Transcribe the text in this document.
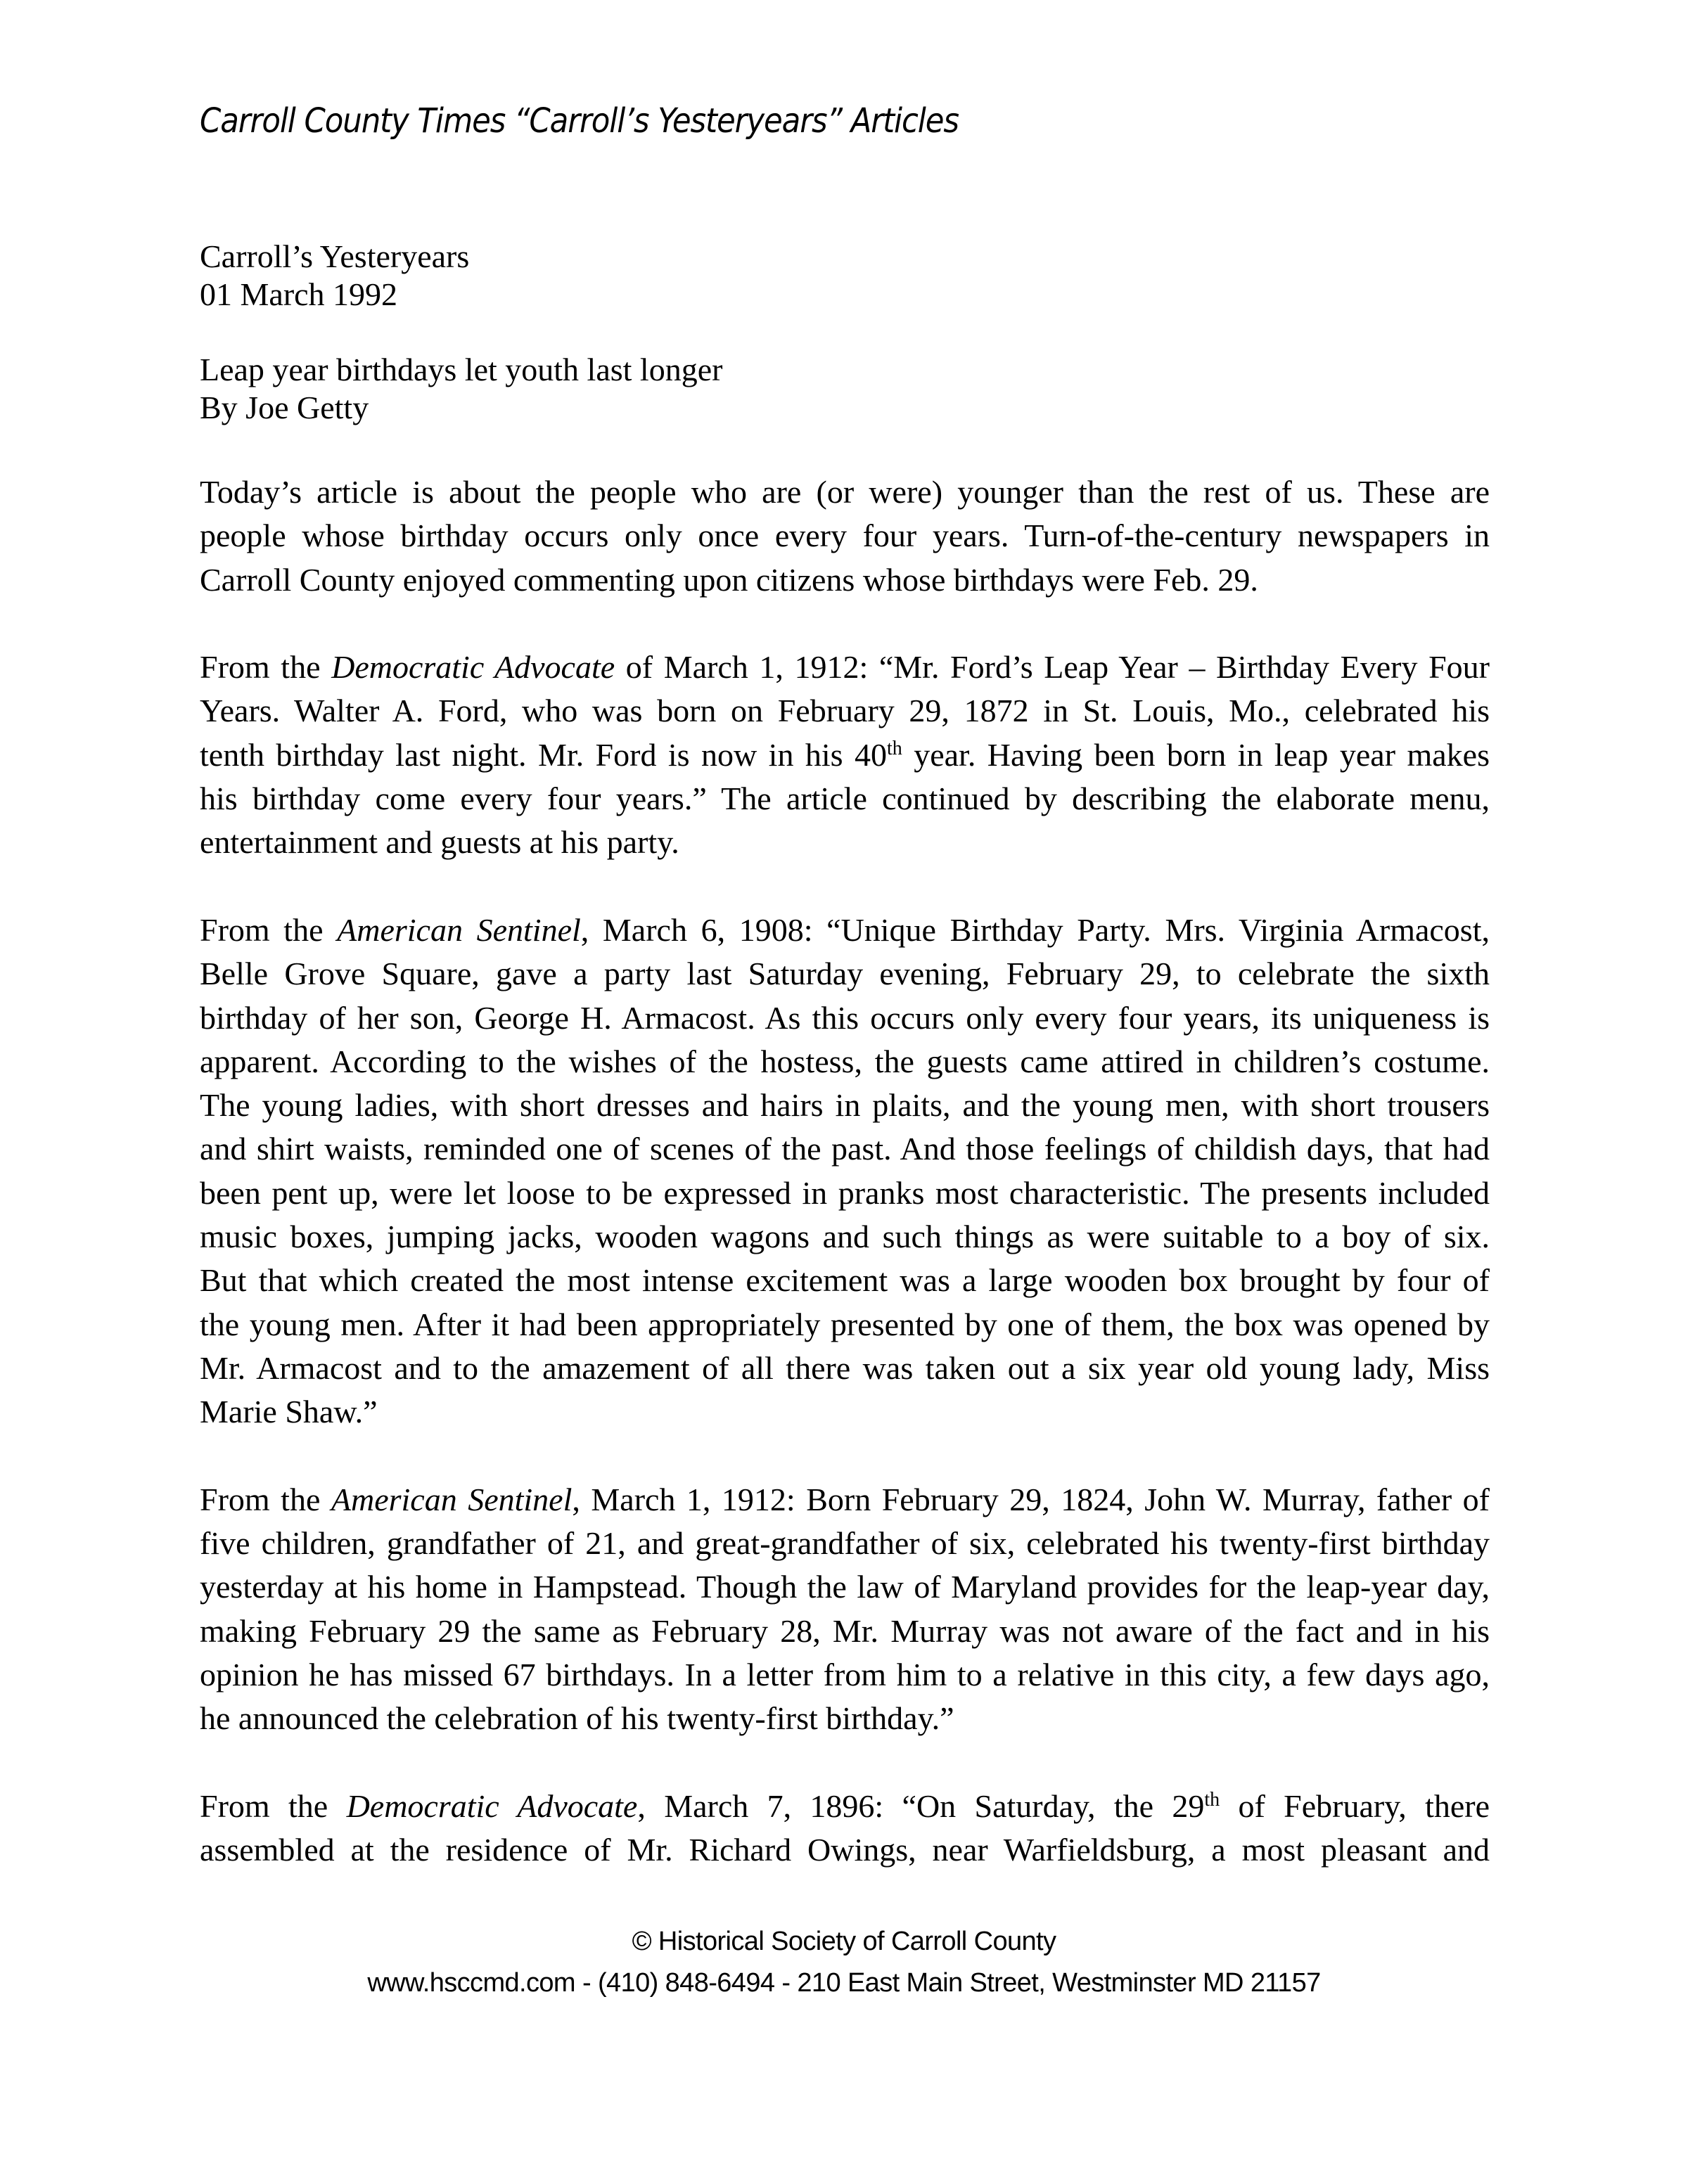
Carroll County Times “Carroll’s Yesteryears” Articles
Carroll’s Yesteryears
01 March 1992
Leap year birthdays let youth last longer
By Joe Getty
Today’s article is about the people who are (or were) younger than the rest of us. These are
people whose birthday occurs only once every four years. Turn-of-the-century newspapers in
Carroll County enjoyed commenting upon citizens whose birthdays were Feb. 29.
From the Democratic Advocate of March 1, 1912: “Mr. Ford’s Leap Year – Birthday Every Four
Years. Walter A. Ford, who was born on February 29, 1872 in St. Louis, Mo., celebrated his
tenth birthday last night. Mr. Ford is now in his 40th year. Having been born in leap year makes
his birthday come every four years.” The article continued by describing the elaborate menu,
entertainment and guests at his party.
From the American Sentinel, March 6, 1908: “Unique Birthday Party. Mrs. Virginia Armacost,
Belle Grove Square, gave a party last Saturday evening, February 29, to celebrate the sixth
birthday of her son, George H. Armacost. As this occurs only every four years, its uniqueness is
apparent. According to the wishes of the hostess, the guests came attired in children’s costume.
The young ladies, with short dresses and hairs in plaits, and the young men, with short trousers
and shirt waists, reminded one of scenes of the past. And those feelings of childish days, that had
been pent up, were let loose to be expressed in pranks most characteristic. The presents included
music boxes, jumping jacks, wooden wagons and such things as were suitable to a boy of six.
But that which created the most intense excitement was a large wooden box brought by four of
the young men. After it had been appropriately presented by one of them, the box was opened by
Mr. Armacost and to the amazement of all there was taken out a six year old young lady, Miss
Marie Shaw.”
From the American Sentinel, March 1, 1912: Born February 29, 1824, John W. Murray, father of
five children, grandfather of 21, and great-grandfather of six, celebrated his twenty-first birthday
yesterday at his home in Hampstead. Though the law of Maryland provides for the leap-year day,
making February 29 the same as February 28, Mr. Murray was not aware of the fact and in his
opinion he has missed 67 birthdays. In a letter from him to a relative in this city, a few days ago,
he announced the celebration of his twenty-first birthday.”
From the Democratic Advocate, March 7, 1896: “On Saturday, the 29th of February, there
assembled at the residence of Mr. Richard Owings, near Warfieldsburg, a most pleasant and
© Historical Society of Carroll County
www.hsccmd.com - (410) 848-6494 - 210 East Main Street, Westminster MD 21157
